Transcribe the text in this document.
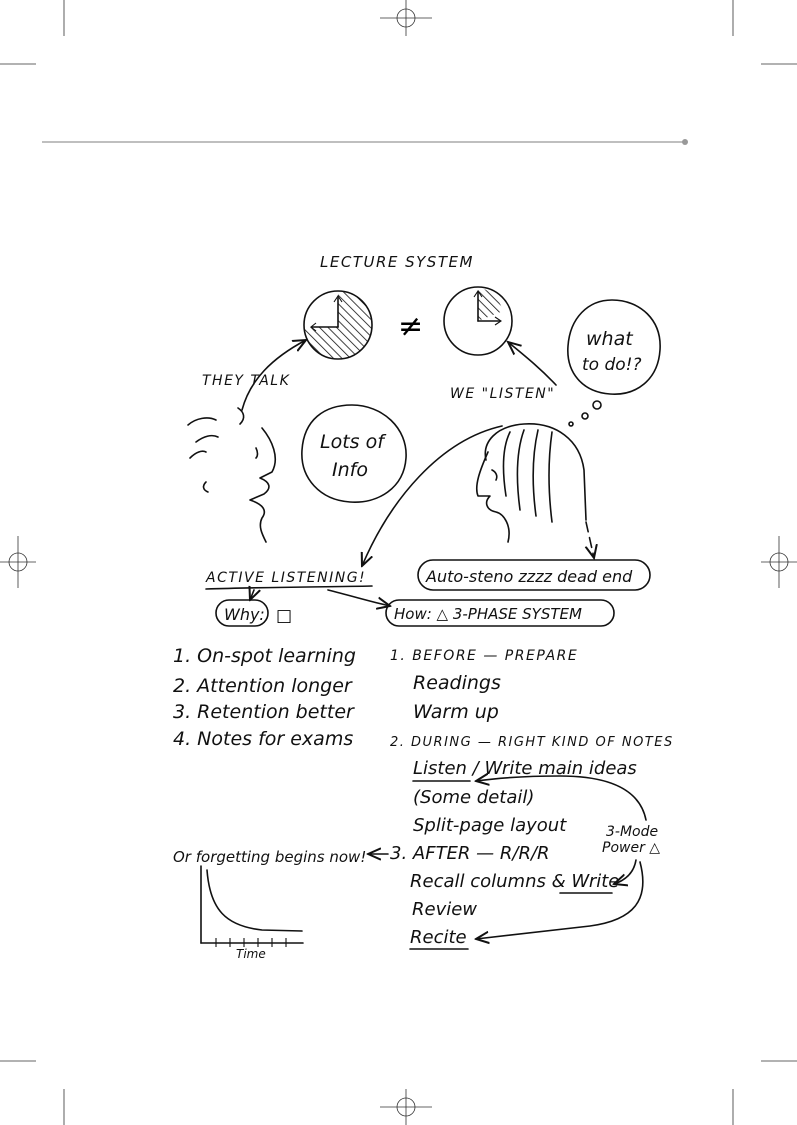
LECTURE SYSTEM
≠	what
to do!?
THEY TALK
WE "LISTEN"
Lots of
Info
ACTIVE LISTENING!	Auto-steno zzzz dead end
Why: □	How: △ 3-PHASE SYSTEM
1. On-spot learning
2. Attention longer
3. Retention better
4. Notes for exams
1. BEFORE — PREPARE
Readings
Warm up
2. DURING — RIGHT KIND OF NOTES
Listen / Write main ideas
(Some detail)
Split-page layout
3. AFTER — R/R/R
Recall columns & Write
Review
Recite
3-Mode
Power △
Or forgetting begins now!
Time
